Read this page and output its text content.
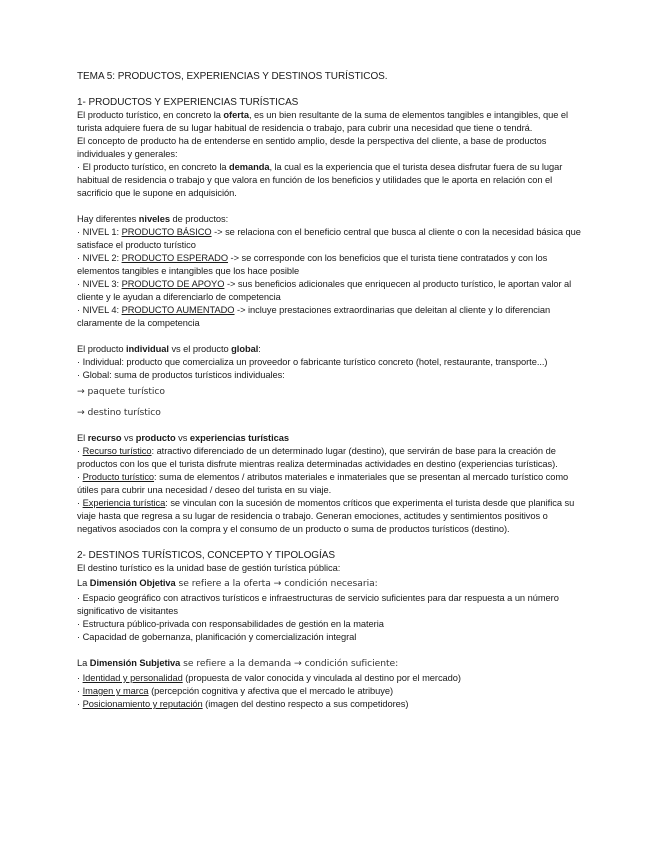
TEMA 5: PRODUCTOS, EXPERIENCIAS Y DESTINOS TURÍSTICOS.

1- PRODUCTOS Y EXPERIENCIAS TURÍSTICAS

El producto turístico, en concreto la oferta, es un bien resultante de la suma de elementos tangibles e intangibles, que el turista adquiere fuera de su lugar habitual de residencia o trabajo, para cubrir una necesidad que tiene o tendrá.

El concepto de producto ha de entenderse en sentido amplio, desde la perspectiva del cliente, a base de productos individuales y generales:

· El producto turístico, en concreto la demanda, la cual es la experiencia que el turista desea disfrutar fuera de su lugar habitual de residencia o trabajo y que valora en función de los beneficios y utilidades que le aporta en relación con el sacrificio que le supone en adquisición.

Hay diferentes niveles de productos:

· NIVEL 1: PRODUCTO BÁSICO -> se relaciona con el beneficio central que busca al cliente o con la necesidad básica que satisface el producto turístico

· NIVEL 2: PRODUCTO ESPERADO -> se corresponde con los beneficios que el turista tiene contratados y con los elementos tangibles e intangibles que los hace posible

· NIVEL 3: PRODUCTO DE APOYO -> sus beneficios adicionales que enriquecen al producto turístico, le aportan valor al cliente y le ayudan a diferenciarlo de competencia

· NIVEL 4: PRODUCTO AUMENTADO -> incluye prestaciones extraordinarias que deleitan al cliente y lo diferencian claramente de la competencia

El producto individual vs el producto global:

· Individual: producto que comercializa un proveedor o fabricante turístico concreto (hotel, restaurante, transporte...)

· Global: suma de productos turísticos individuales:

→ paquete turístico

→ destino turístico

El recurso vs producto vs experiencias turísticas

· Recurso turístico: atractivo diferenciado de un determinado lugar (destino), que servirán de base para la creación de productos con los que el turista disfrute mientras realiza determinadas actividades en destino (experiencias turísticas).

· Producto turístico: suma de elementos / atributos materiales e inmateriales que se presentan al mercado turístico como útiles para cubrir una necesidad / deseo del turista en su viaje.

· Experiencia turística: se vinculan con la sucesión de momentos críticos que experimenta el turista desde que planifica su viaje hasta que regresa a su lugar de residencia o trabajo. Generan emociones, actitudes y sentimientos positivos o negativos asociados con la compra y el consumo de un producto o suma de productos turísticos (destino).

2- DESTINOS TURÍSTICOS, CONCEPTO Y TIPOLOGÍAS

El destino turístico es la unidad base de gestión turística pública:

La Dimensión Objetiva se refiere a la oferta → condición necesaria:

· Espacio geográfico con atractivos turísticos e infraestructuras de servicio suficientes para dar respuesta a un número significativo de visitantes

· Estructura público-privada con responsabilidades de gestión en la materia

· Capacidad de gobernanza, planificación y comercialización integral

La Dimensión Subjetiva se refiere a la demanda → condición suficiente:

· Identidad y personalidad (propuesta de valor conocida y vinculada al destino por el mercado)

· Imagen y marca (percepción cognitiva y afectiva que el mercado le atribuye)

· Posicionamiento y reputación (imagen del destino respecto a sus competidores)
